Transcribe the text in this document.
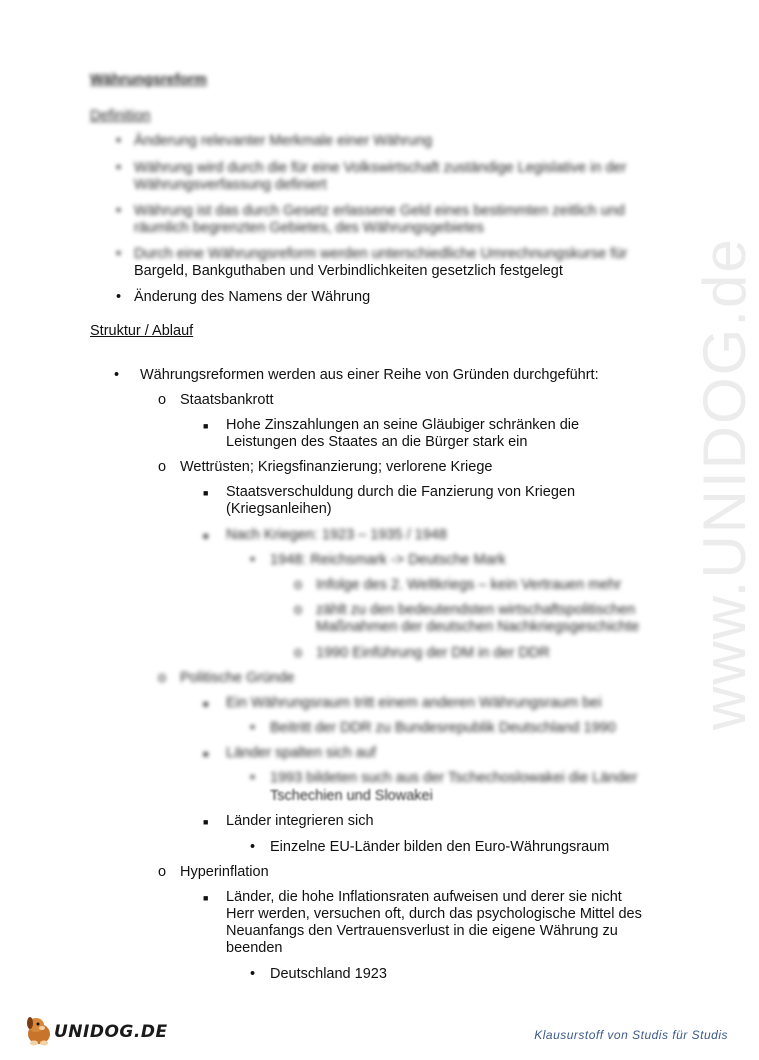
www.UNIDOG.de
Währungsreform
Definition
• Änderung relevanter Merkmale einer Währung
• Währung wird durch die für eine Volkswirtschaft zuständige Legislative in der
Währungsverfassung definiert
• Währung ist das durch Gesetz erlassene Geld eines bestimmten zeitlich und
räumlich begrenzten Gebietes, des Währungsgebietes
• Durch eine Währungsreform werden unterschiedliche Umrechnungskurse für
Bargeld, Bankguthaben und Verbindlichkeiten gesetzlich festgelegt
• Änderung des Namens der Währung
Struktur / Ablauf
• Währungsreformen werden aus einer Reihe von Gründen durchgeführt:
o Staatsbankrott
■ Hohe Zinszahlungen an seine Gläubiger schränken die
Leistungen des Staates an die Bürger stark ein
o Wettrüsten; Kriegsfinanzierung; verlorene Kriege
■ Staatsverschuldung durch die Fanzierung von Kriegen
(Kriegsanleihen)
■ Nach Kriegen: 1923 – 1935 / 1948
• 1948: Reichsmark -> Deutsche Mark
o Infolge des 2. Weltkriegs – kein Vertrauen mehr
o zählt zu den bedeutendsten wirtschaftspolitischen
Maßnahmen der deutschen Nachkriegsgeschichte
o 1990 Einführung der DM in der DDR
o Politische Gründe
■ Ein Währungsraum tritt einem anderen Währungsraum bei
• Beitritt der DDR zu Bundesrepublik Deutschland 1990
■ Länder spalten sich auf
• 1993 bildeten such aus der Tschechoslowakei die Länder
Tschechien und Slowakei
■ Länder integrieren sich
• Einzelne EU-Länder bilden den Euro-Währungsraum
o Hyperinflation
■ Länder, die hohe Inflationsraten aufweisen und derer sie nicht
Herr werden, versuchen oft, durch das psychologische Mittel des
Neuanfangs den Vertrauensverlust in die eigene Währung zu
beenden
• Deutschland 1923
UNIDOG.DE	Klausurstoff von Studis für Studis
